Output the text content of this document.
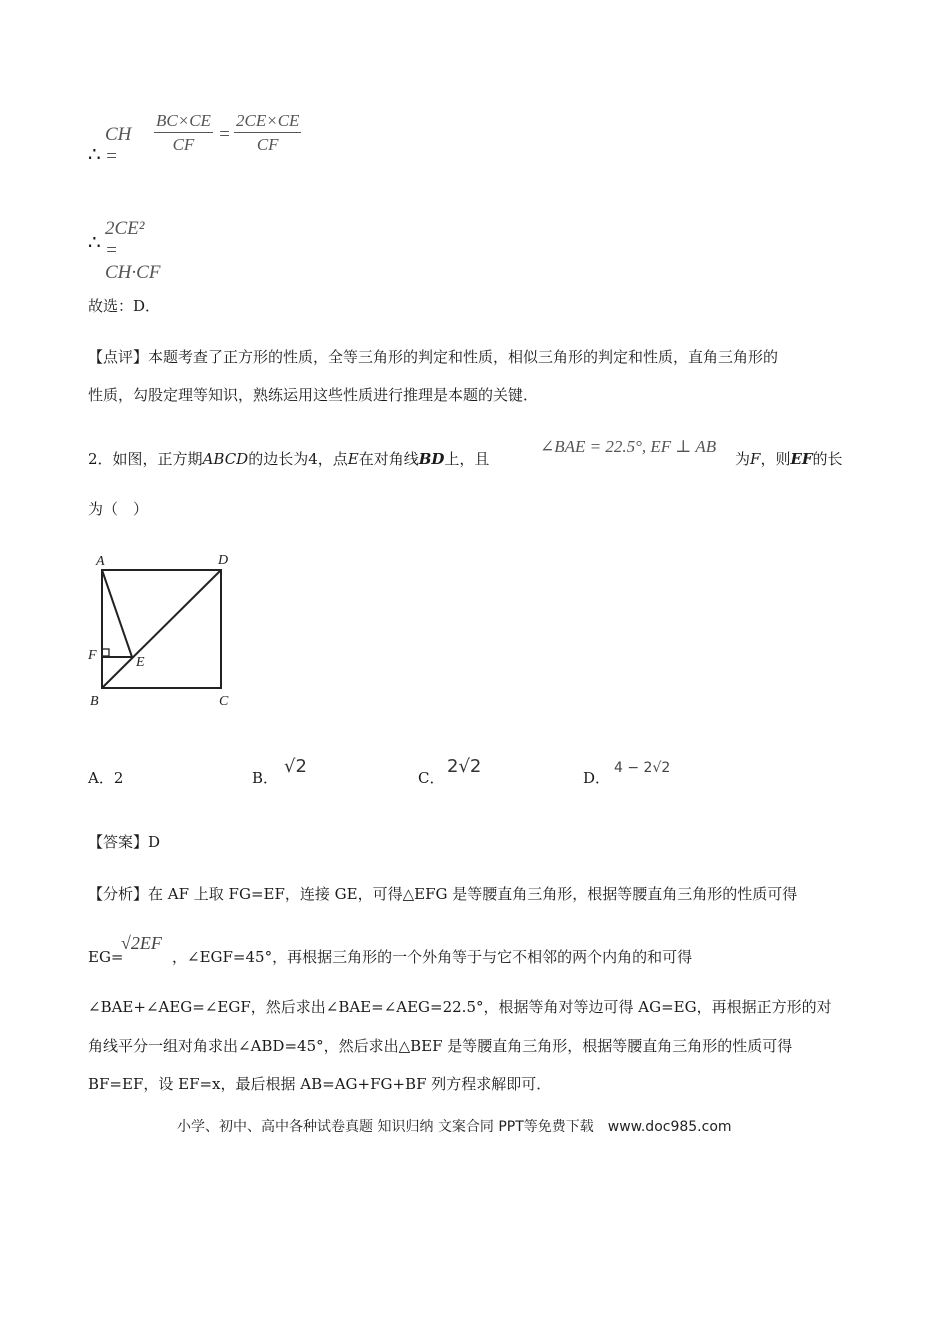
∴
CH =
$\frac{BC\times CE}{CF} = \frac{2CE\times CE}{CF}$
∴
2CE² = CH·CF
故选：D．
【点评】本题考查了正方形的性质，全等三角形的判定和性质，相似三角形的判定和性质，直角三角形的
性质，勾股定理等知识，熟练运用这些性质进行推理是本题的关键．
2．如图，正方期ABCD的边长为4，点E在对角线BD上，且
∠BAE = 22.5°, EF ⊥ AB
为F，则EF的长
为（　）
A	D
F	E
B	C
A．2	B．
√2
C．
2√2
D．
4 − 2√2
【答案】D
【分析】在 AF 上取 FG=EF，连接 GE，可得△EFG 是等腰直角三角形，根据等腰直角三角形的性质可得
EG=
√2EF
，∠EGF=45°，再根据三角形的一个外角等于与它不相邻的两个内角的和可得
∠BAE+∠AEG=∠EGF，然后求出∠BAE=∠AEG=22.5°，根据等角对等边可得 AG=EG，再根据正方形的对
角线平分一组对角求出∠ABD=45°，然后求出△BEF 是等腰直角三角形，根据等腰直角三角形的性质可得
BF=EF，设 EF=x，最后根据 AB=AG+FG+BF 列方程求解即可．
小学、初中、高中各种试卷真题 知识归纳 文案合同 PPT等免费下载　www.doc985.com
